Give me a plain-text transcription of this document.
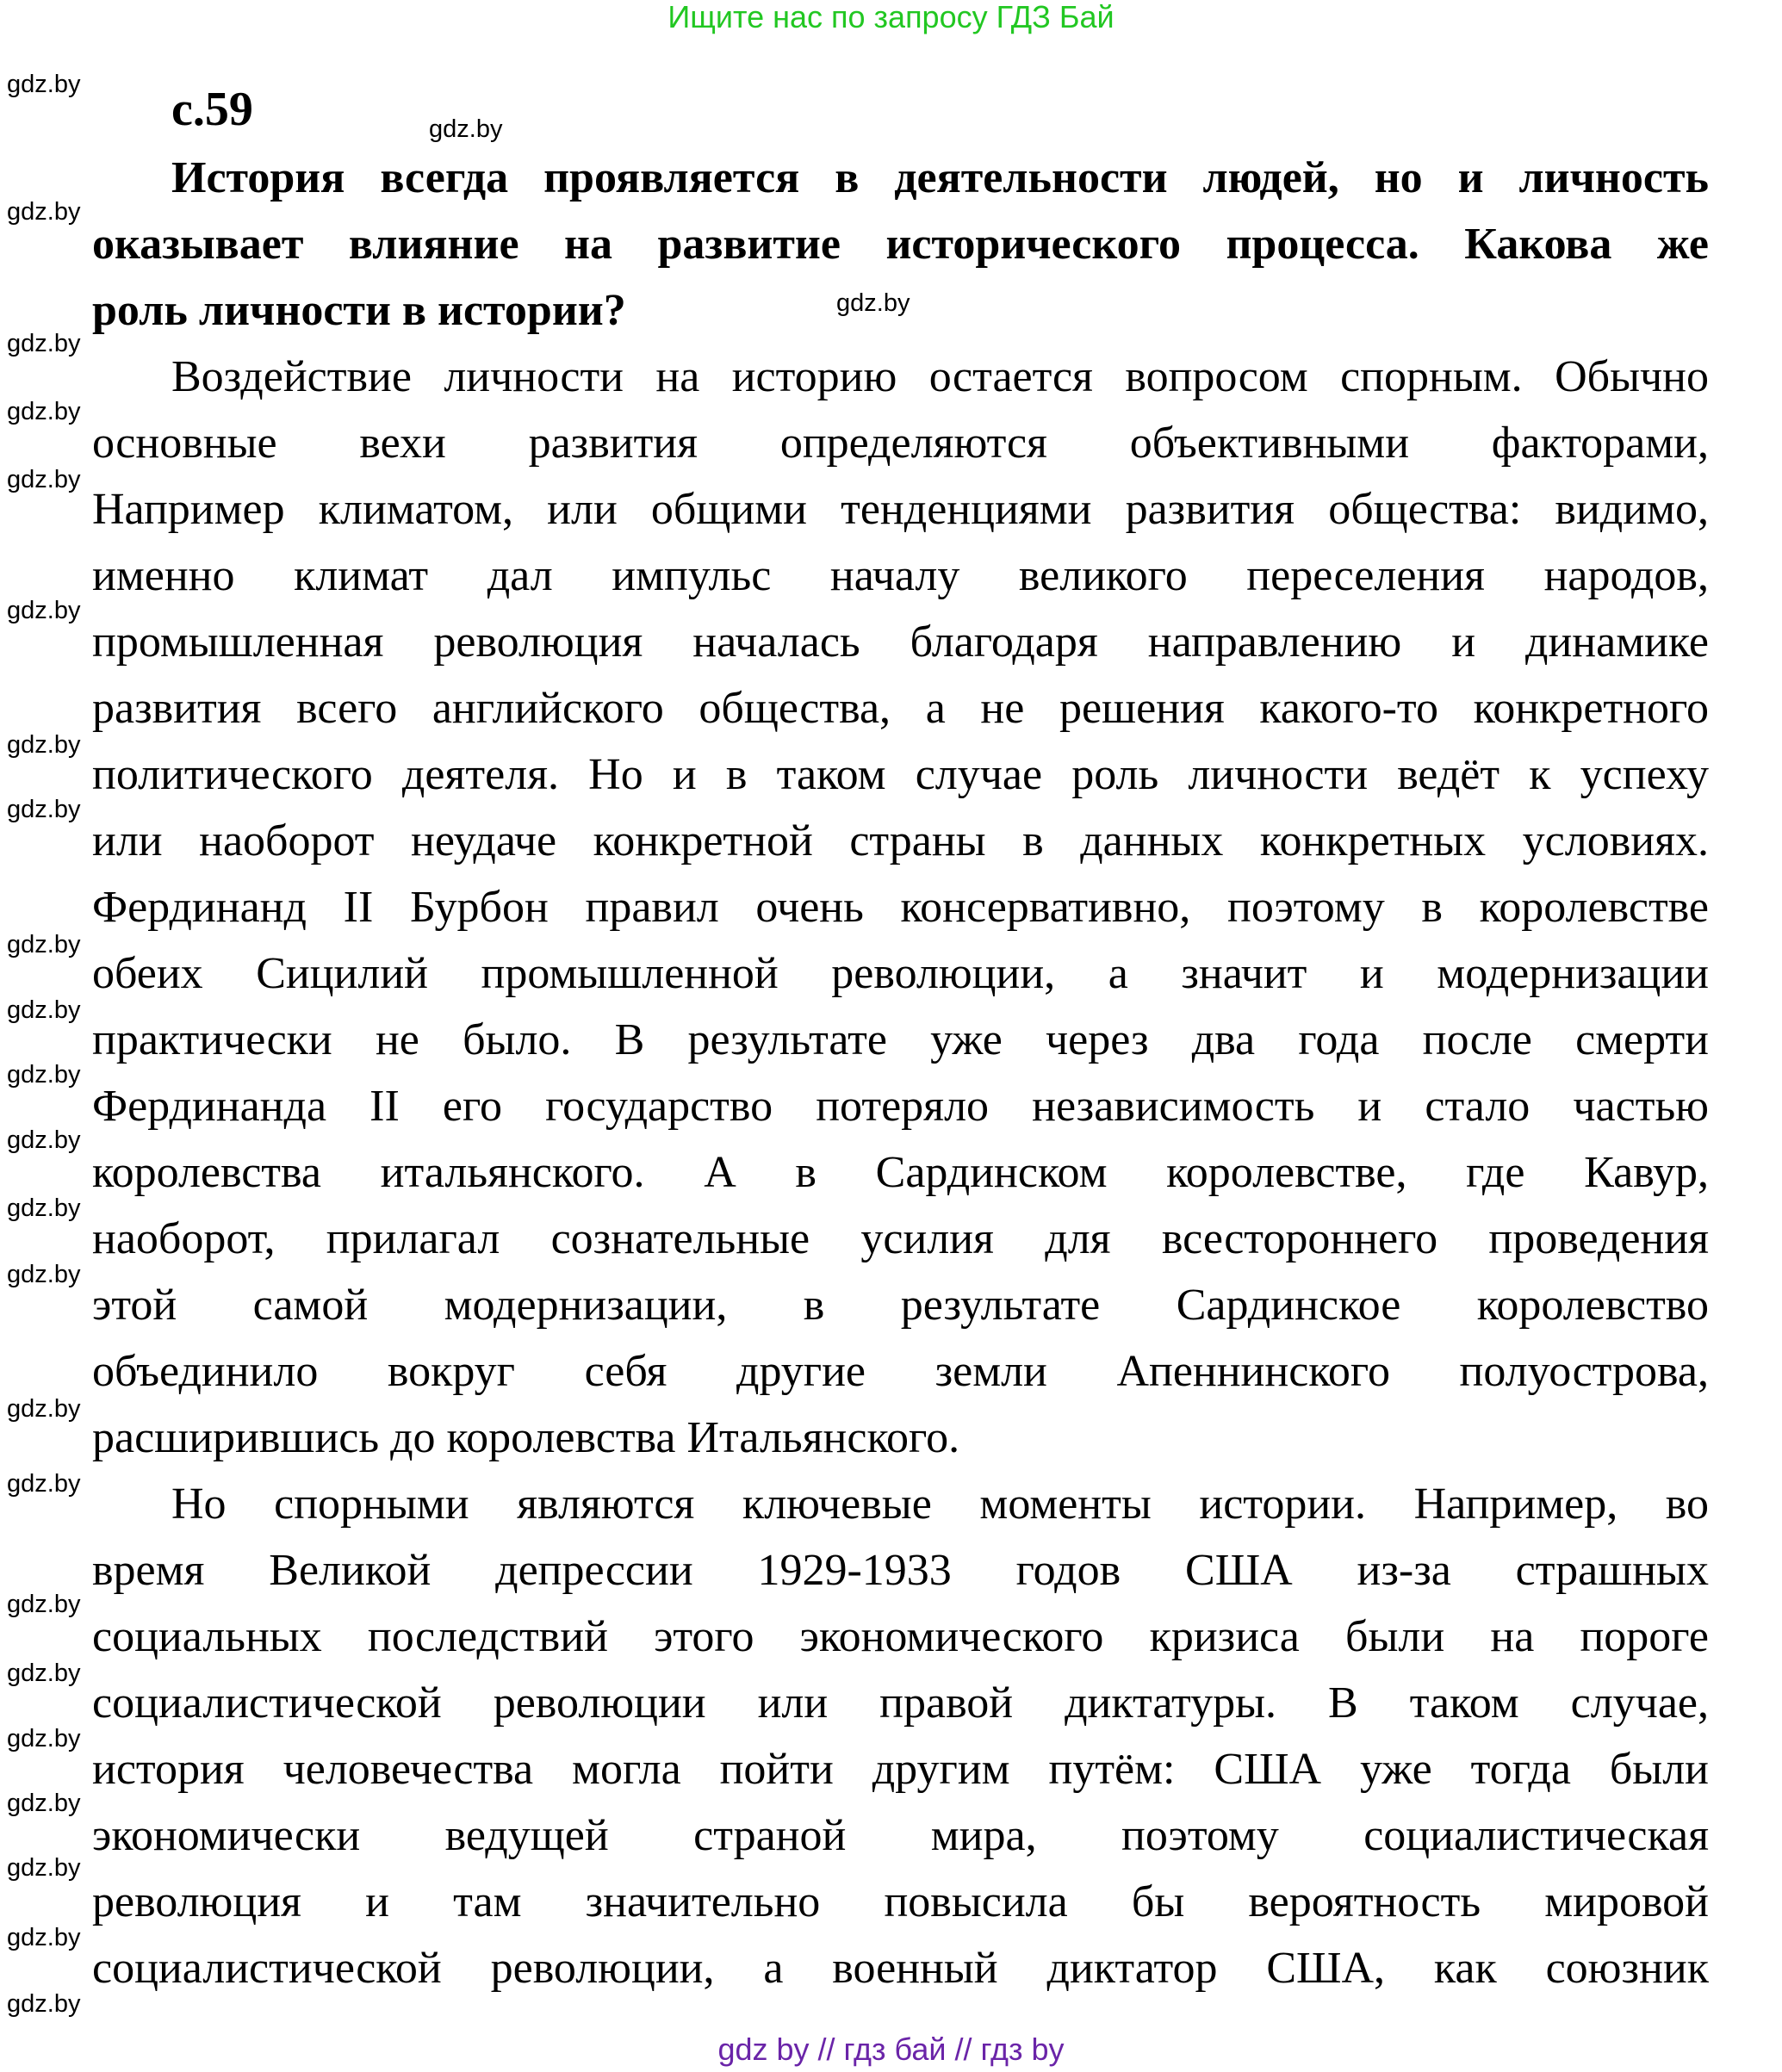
Ищите нас по запросу ГДЗ Бай
с.59
История всегда проявляется в деятельности людей, но и личность
оказывает влияние на развитие исторического процесса. Какова же
роль личности в истории?
Воздействие личности на историю остается вопросом спорным. Обычно
основные вехи развития определяются объективными факторами,
Например климатом, или общими тенденциями развития общества: видимо,
именно климат дал импульс началу великого переселения народов,
промышленная революция началась благодаря направлению и динамике
развития всего английского общества, а не решения какого-то конкретного
политического деятеля. Но и в таком случае роль личности ведёт к успеху
или наоборот неудаче конкретной страны в данных конкретных условиях.
Фердинанд II Бурбон правил очень консервативно, поэтому в королевстве
обеих Сицилий промышленной революции, а значит и модернизации
практически не было. В результате уже через два года после смерти
Фердинанда II его государство потеряло независимость и стало частью
королевства итальянского. А в Сардинском королевстве, где Кавур,
наоборот, прилагал сознательные усилия для всестороннего проведения
этой самой модернизации, в результате Сардинское королевство
объединило вокруг себя другие земли Апеннинского полуострова,
расширившись до королевства Итальянского.
Но спорными являются ключевые моменты истории. Например, во
время Великой депрессии 1929-1933 годов США из-за страшных
социальных последствий этого экономического кризиса были на пороге
социалистической революции или правой диктатуры. В таком случае,
история человечества могла пойти другим путём: США уже тогда были
экономически ведущей страной мира, поэтому социалистическая
революция и там значительно повысила бы вероятность мировой
социалистической революции, а военный диктатор США, как союзник
gdz.by
gdz.by
gdz.by
gdz.by
gdz.by
gdz.by
gdz.by
gdz.by
gdz.by
gdz.by
gdz.by
gdz.by
gdz.by
gdz.by
gdz.by
gdz.by
gdz.by
gdz.by
gdz.by
gdz.by
gdz.by
gdz.by
gdz.by
gdz.by
gdz.by
gdz by // гдз бай // гдз by
